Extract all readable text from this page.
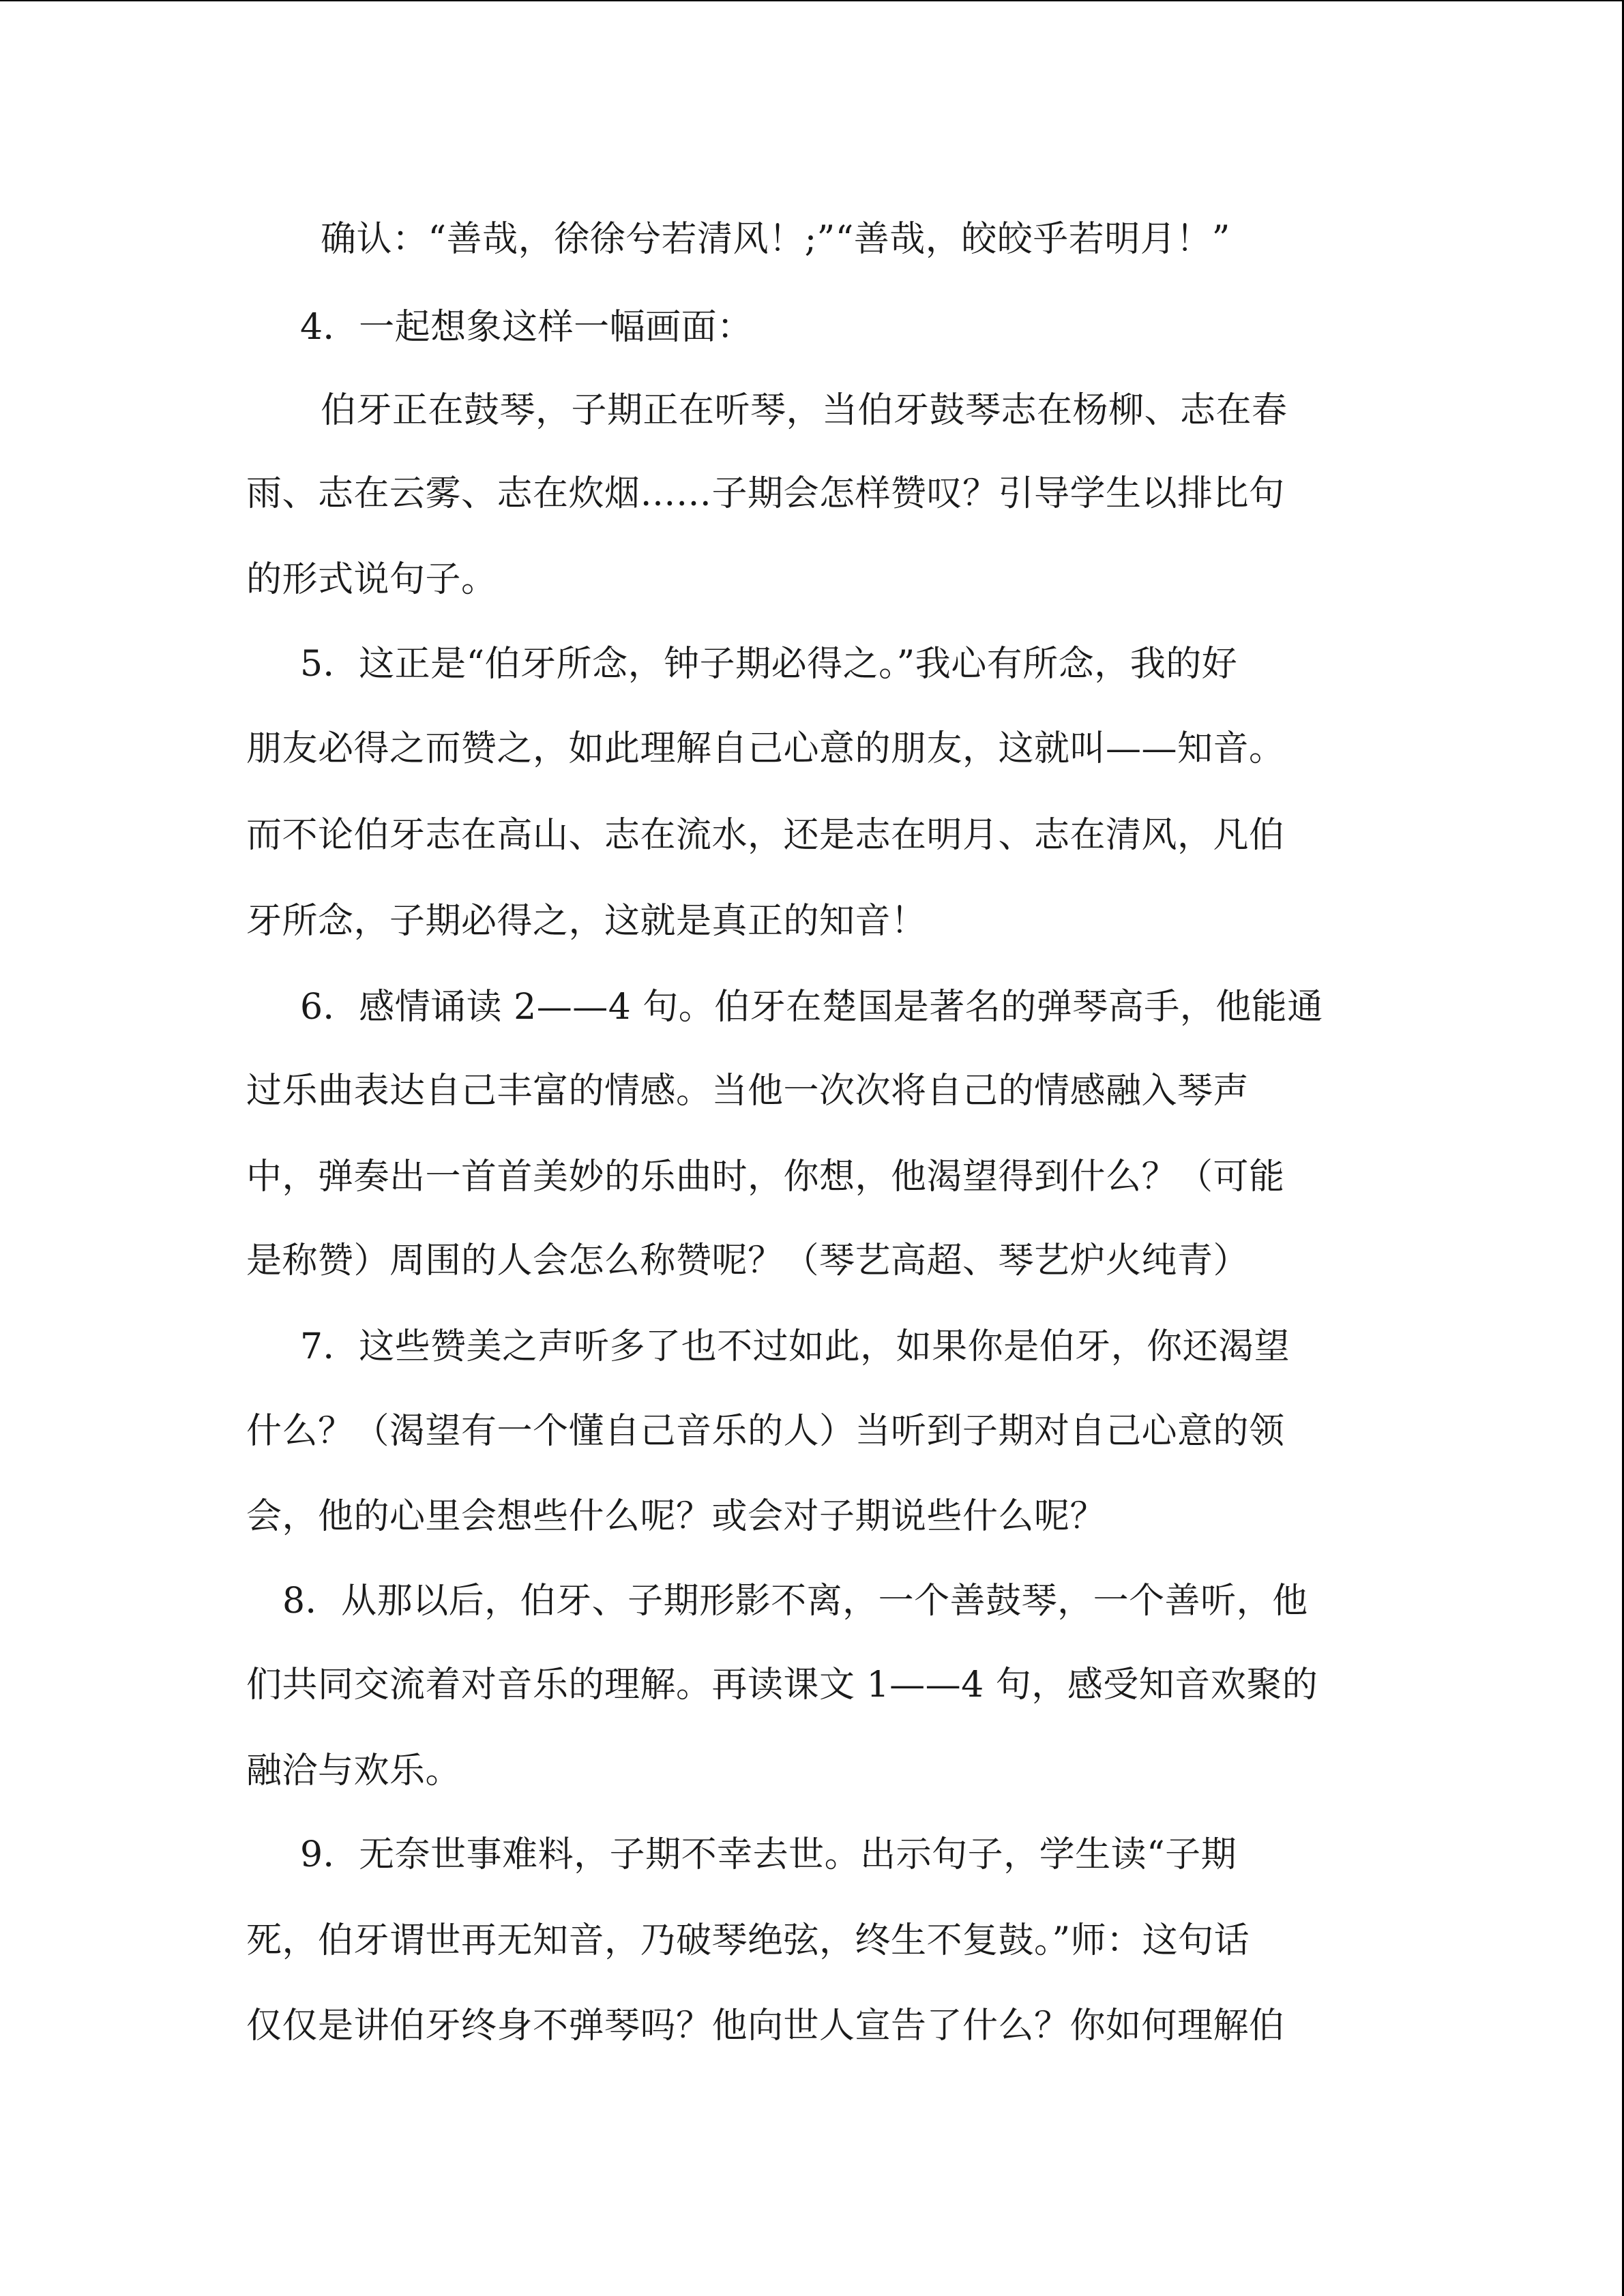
确认：“善哉，徐徐兮若清风！;”“善哉，皎皎乎若明月！”
4．一起想象这样一幅画面：
伯牙正在鼓琴，子期正在听琴，当伯牙鼓琴志在杨柳、志在春
雨、志在云雾、志在炊烟……子期会怎样赞叹？引导学生以排比句
的形式说句子。
5．这正是“伯牙所念，钟子期必得之。”我心有所念，我的好
朋友必得之而赞之，如此理解自己心意的朋友，这就叫——知音。
而不论伯牙志在高山、志在流水，还是志在明月、志在清风，凡伯
牙所念，子期必得之，这就是真正的知音！
6．感情诵读 2——4 句。伯牙在楚国是著名的弹琴高手，他能通
过乐曲表达自己丰富的情感。当他一次次将自己的情感融入琴声
中，弹奏出一首首美妙的乐曲时，你想，他渴望得到什么？（可能
是称赞）周围的人会怎么称赞呢？（琴艺高超、琴艺炉火纯青）
7．这些赞美之声听多了也不过如此，如果你是伯牙，你还渴望
什么？（渴望有一个懂自己音乐的人）当听到子期对自己心意的领
会，他的心里会想些什么呢？或会对子期说些什么呢？
8．从那以后，伯牙、子期形影不离，一个善鼓琴，一个善听，他
们共同交流着对音乐的理解。再读课文 1——4 句，感受知音欢聚的
融洽与欢乐。
9．无奈世事难料，子期不幸去世。出示句子，学生读“子期
死，伯牙谓世再无知音，乃破琴绝弦，终生不复鼓。”师：这句话
仅仅是讲伯牙终身不弹琴吗？他向世人宣告了什么？你如何理解伯
